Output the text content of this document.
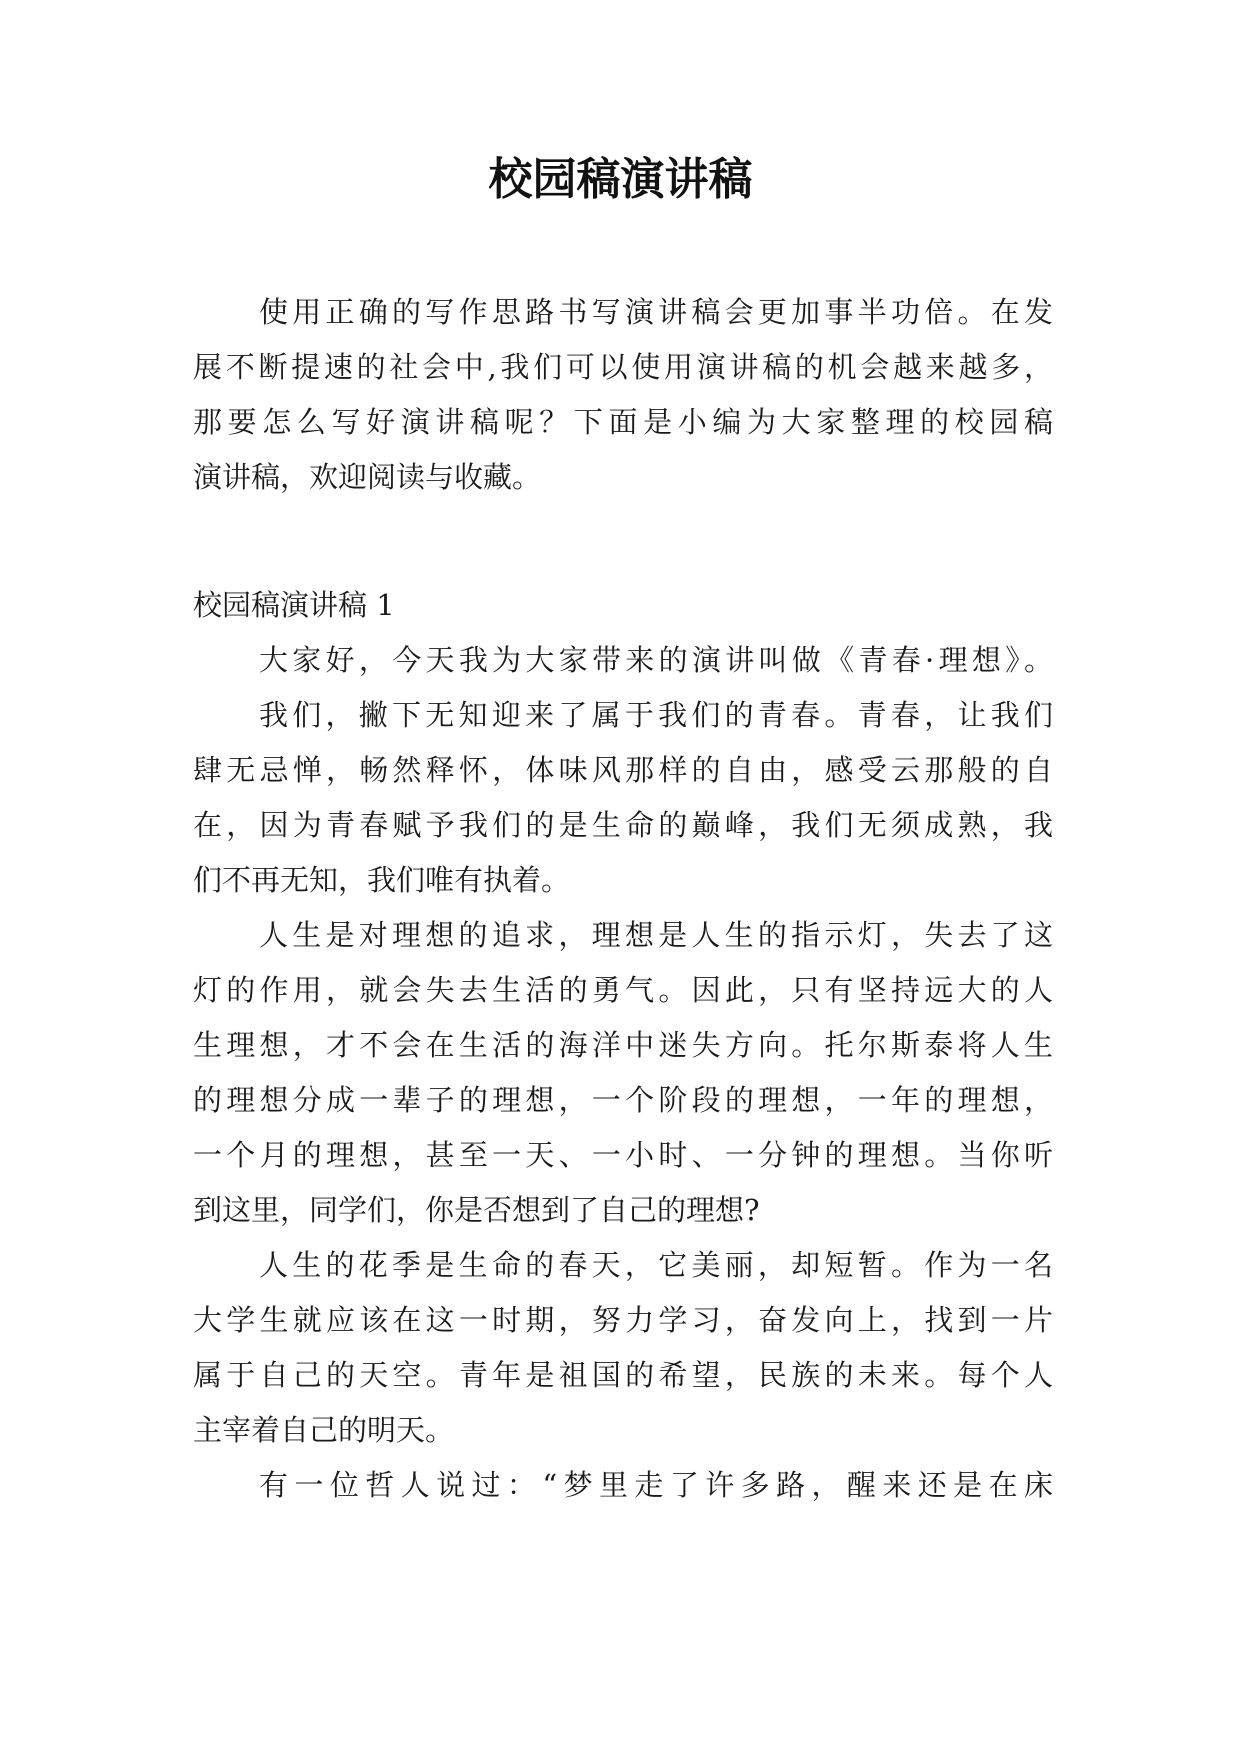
校园稿演讲稿

使用正确的写作思路书写演讲稿会更加事半功倍。在发

展不断提速的社会中,我们可以使用演讲稿的机会越来越多，

那要怎么写好演讲稿呢？下面是小编为大家整理的校园稿

演讲稿，欢迎阅读与收藏。

校园稿演讲稿 1

大家好，今天我为大家带来的演讲叫做《青春·理想》。

我们，撇下无知迎来了属于我们的青春。青春，让我们

肆无忌惮，畅然释怀，体味风那样的自由，感受云那般的自

在，因为青春赋予我们的是生命的巅峰，我们无须成熟，我

们不再无知，我们唯有执着。

人生是对理想的追求，理想是人生的指示灯，失去了这

灯的作用，就会失去生活的勇气。因此，只有坚持远大的人

生理想，才不会在生活的海洋中迷失方向。托尔斯泰将人生

的理想分成一辈子的理想，一个阶段的理想，一年的理想，

一个月的理想，甚至一天、一小时、一分钟的理想。当你听

到这里，同学们，你是否想到了自己的理想?

人生的花季是生命的春天，它美丽，却短暂。作为一名

大学生就应该在这一时期，努力学习，奋发向上，找到一片

属于自己的天空。青年是祖国的希望，民族的未来。每个人

主宰着自己的明天。

有一位哲人说过：“梦里走了许多路，醒来还是在床
